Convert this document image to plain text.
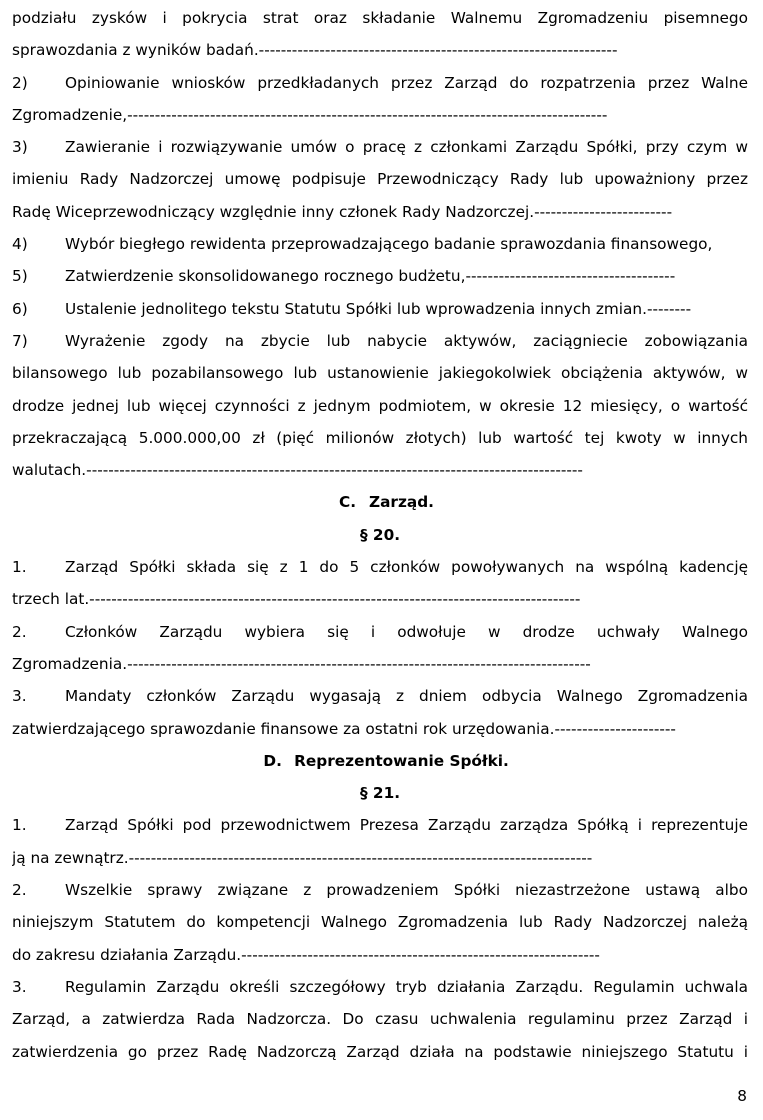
podziału zysków i pokrycia strat oraz składanie Walnemu Zgromadzeniu pisemnego
sprawozdania z wyników badań.-----------------------------------------------------------------
2) Opiniowanie wniosków przedkładanych przez Zarząd do rozpatrzenia przez Walne
Zgromadzenie,---------------------------------------------------------------------------------------
3) Zawieranie i rozwiązywanie umów o pracę z członkami Zarządu Spółki, przy czym w
imieniu Rady Nadzorczej umowę podpisuje Przewodniczący Rady lub upoważniony przez
Radę Wiceprzewodniczący względnie inny członek Rady Nadzorczej.-------------------------
4) Wybór biegłego rewidenta przeprowadzającego badanie sprawozdania finansowego,
5) Zatwierdzenie skonsolidowanego rocznego budżetu,--------------------------------------
6) Ustalenie jednolitego tekstu Statutu Spółki lub wprowadzenia innych zmian.--------
7) Wyrażenie zgody na zbycie lub nabycie aktywów, zaciągniecie zobowiązania
bilansowego lub pozabilansowego lub ustanowienie jakiegokolwiek obciążenia aktywów, w
drodze jednej lub więcej czynności z jednym podmiotem, w okresie 12 miesięcy, o wartość
przekraczającą 5.000.000,00 zł (pięć milionów złotych) lub wartość tej kwoty w innych
walutach.------------------------------------------------------------------------------------------
C. Zarząd.
§ 20.
1.	Zarząd Spółki składa się z 1 do 5 członków powoływanych na wspólną kadencję
trzech lat.-----------------------------------------------------------------------------------------
2.	Członków Zarządu wybiera się i odwołuje w drodze uchwały Walnego
Zgromadzenia.------------------------------------------------------------------------------------
3.	Mandaty członków Zarządu wygasają z dniem odbycia Walnego Zgromadzenia
zatwierdzającego sprawozdanie finansowe za ostatni rok urzędowania.----------------------
D. Reprezentowanie Spółki.
§ 21.
1.	Zarząd Spółki pod przewodnictwem Prezesa Zarządu zarządza Spółką i reprezentuje
ją na zewnątrz.------------------------------------------------------------------------------------
2.	Wszelkie sprawy związane z prowadzeniem Spółki niezastrzeżone ustawą albo
niniejszym Statutem do kompetencji Walnego Zgromadzenia lub Rady Nadzorczej należą
do zakresu działania Zarządu.-----------------------------------------------------------------
3.	Regulamin Zarządu określi szczegółowy tryb działania Zarządu. Regulamin uchwala
Zarząd, a zatwierdza Rada Nadzorcza. Do czasu uchwalenia regulaminu przez Zarząd i
zatwierdzenia go przez Radę Nadzorczą Zarząd działa na podstawie niniejszego Statutu i
8
